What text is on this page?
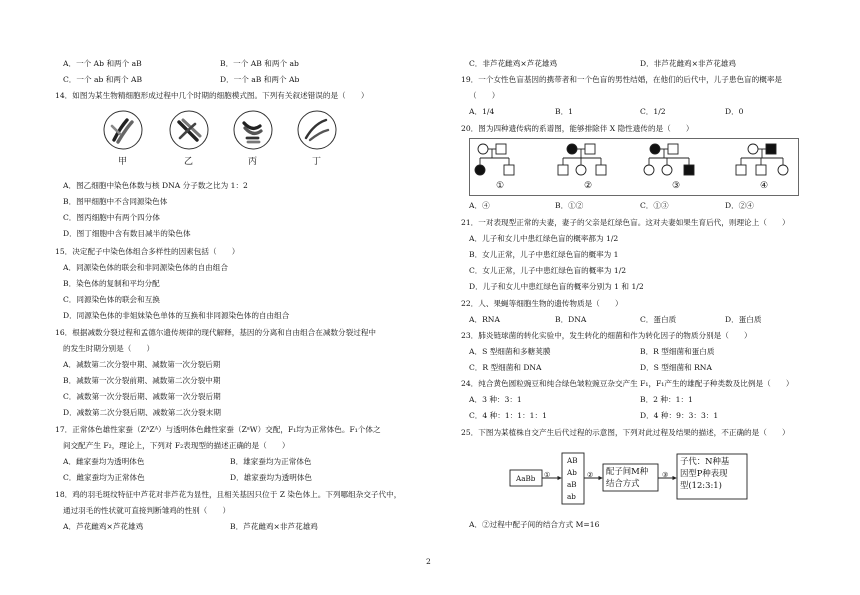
A．一个 Ab 和两个 aB	B．一个 AB 和两个 ab
C．一个 ab 和两个 AB	D．一个 aB 和两个 Ab
14．如图为某生物精细胞形成过程中几个时期的细胞模式图。下列有关叙述错误的是（　　）
甲	乙	丙	丁
A．图乙细胞中染色体数与核 DNA 分子数之比为 1：2
B．图甲细胞中不含同源染色体
C．图丙细胞中有两个四分体
D．图丁细胞中含有数目减半的染色体
15．决定配子中染色体组合多样性的因素包括（　　）
A．同源染色体的联会和非同源染色体的自由组合
B．染色体的复制和平均分配
C．同源染色体的联会和互换
D．同源染色体的非姐妹染色单体的互换和非同源染色体的自由组合
16．根据减数分裂过程和孟德尔遗传规律的现代解释，基因的分离和自由组合在减数分裂过程中
的发生时期分别是（　　）
A．减数第二次分裂中期、减数第一次分裂后期
B．减数第一次分裂前期、减数第二次分裂中期
C．减数第一次分裂后期、减数第一次分裂后期
D．减数第二次分裂后期、减数第二次分裂末期
17．正常体色雄性家蚕（ZᴬZᴬ）与透明体色雌性家蚕（ZᵃW）交配，F₁均为正常体色。F₁个体之
间交配产生 F₂，理论上，下列对 F₂表现型的描述正确的是（　　）
A．雌家蚕均为透明体色	B．雄家蚕均为正常体色
C．雌家蚕均为正常体色	D．雄家蚕均为透明体色
18．鸡的羽毛斑纹特征中芦花对非芦花为显性，且相关基因只位于 Z 染色体上。下列哪组杂交子代中，
通过羽毛的性状就可直接判断雏鸡的性别（　　）
A．芦花雌鸡×芦花雄鸡	B．芦花雌鸡×非芦花雄鸡
C．非芦花雌鸡×芦花雄鸡	D．非芦花雌鸡×非芦花雄鸡
19．一个女性色盲基因的携带者和一个色盲的男性结婚，在他们的后代中，儿子患色盲的概率是
（　　）
A．1/4	B．1	C．1/2	D．0
20．图为四种遗传病的系谱图，能够排除伴 X 隐性遗传的是（　　）
①	②	③	④
A．④	B．①②	C．①③	D．②④
21．一对表现型正常的夫妻，妻子的父亲是红绿色盲。这对夫妻如果生育后代，则理论上（　　）
A．儿子和女儿中患红绿色盲的概率都为 1/2
B．女儿正常，儿子中患红绿色盲的概率为 1
C．女儿正常，儿子中患红绿色盲的概率为 1/2
D．儿子和女儿中患红绿色盲的概率分别为 1 和 1/2
22．人、果蝇等细胞生物的遗传物质是（　　）
A．RNA	B．DNA	C．蛋白质	D．蛋白质
23．肺炎链球菌的转化实验中，发生转化的细菌和作为转化因子的物质分别是（　　）
A．S 型细菌和多糖荚膜	B．R 型细菌和蛋白质
C．R 型细菌和 DNA	D．S 型细菌和 RNA
24．纯合黄色圆粒豌豆和纯合绿色皱粒豌豆杂交产生 F₁，F₁产生的雄配子种类数及比例是（　　）
A．3 种：3：1	B．2 种：1：1
C．4 种：1：1：1：1	D．4 种：9：3：3：1
25．下图为某植株自交产生后代过程的示意图，下列对此过程及结果的描述，不正确的是（　　）
AaBb ①
AB
Ab
aB
ab
② 配子间M种
结合方式
③
子代：N种基
因型P种表现
型(12:3:1)
A．②过程中配子间的结合方式 M=16
2
